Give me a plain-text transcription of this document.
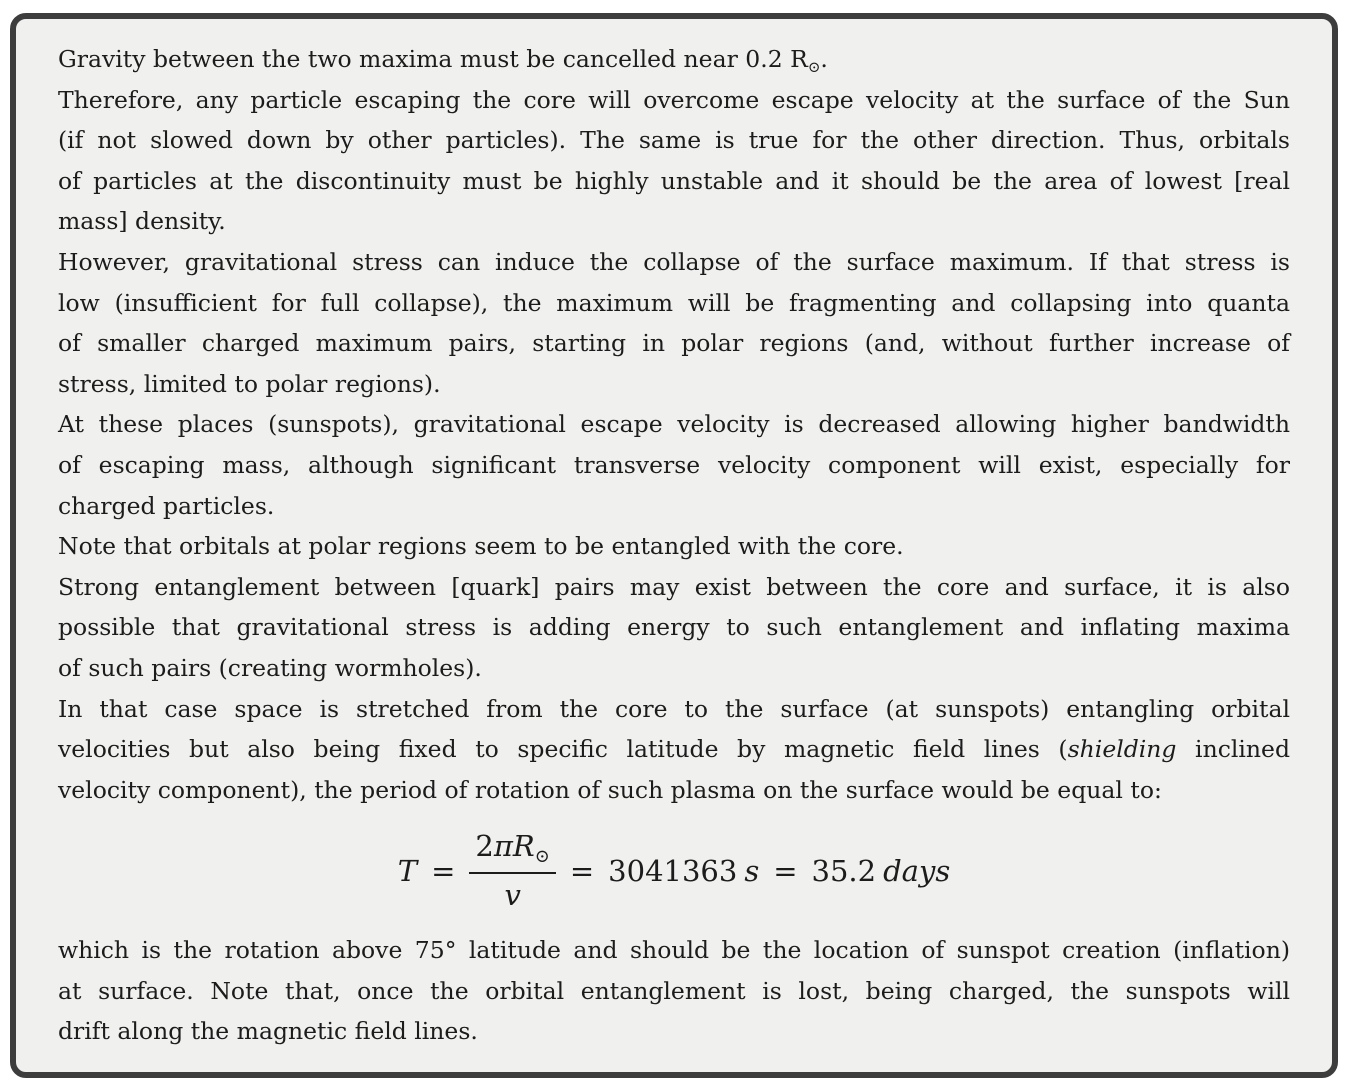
Gravity between the two maxima must be cancelled near 0.2 $R_⊙$.
Therefore, any particle escaping the core will overcome escape velocity at the surface of the Sun
(if not slowed down by other particles). The same is true for the other direction. Thus, orbitals
of particles at the discontinuity must be highly unstable and it should be the area of lowest [real
mass] density.
However, gravitational stress can induce the collapse of the surface maximum. If that stress is
low (insufficient for full collapse), the maximum will be fragmenting and collapsing into quanta
of smaller charged maximum pairs, starting in polar regions (and, without further increase of
stress, limited to polar regions).
At these places (sunspots), gravitational escape velocity is decreased allowing higher bandwidth
of escaping mass, although significant transverse velocity component will exist, especially for
charged particles.
Note that orbitals at polar regions seem to be entangled with the core.
Strong entanglement between [quark] pairs may exist between the core and surface, it is also
possible that gravitational stress is adding energy to such entanglement and inflating maxima
of such pairs (creating wormholes).
In that case space is stretched from the core to the surface (at sunspots) entangling orbital
velocities but also being fixed to specific latitude by magnetic field lines (shielding inclined
velocity component), the period of rotation of such plasma on the surface would be equal to:
$T = \frac{2\pi R_⊙}{v} = 3041363$ s = 35.2 days
which is the rotation above 75° latitude and should be the location of sunspot creation (inflation)
at surface. Note that, once the orbital entanglement is lost, being charged, the sunspots will
drift along the magnetic field lines.
